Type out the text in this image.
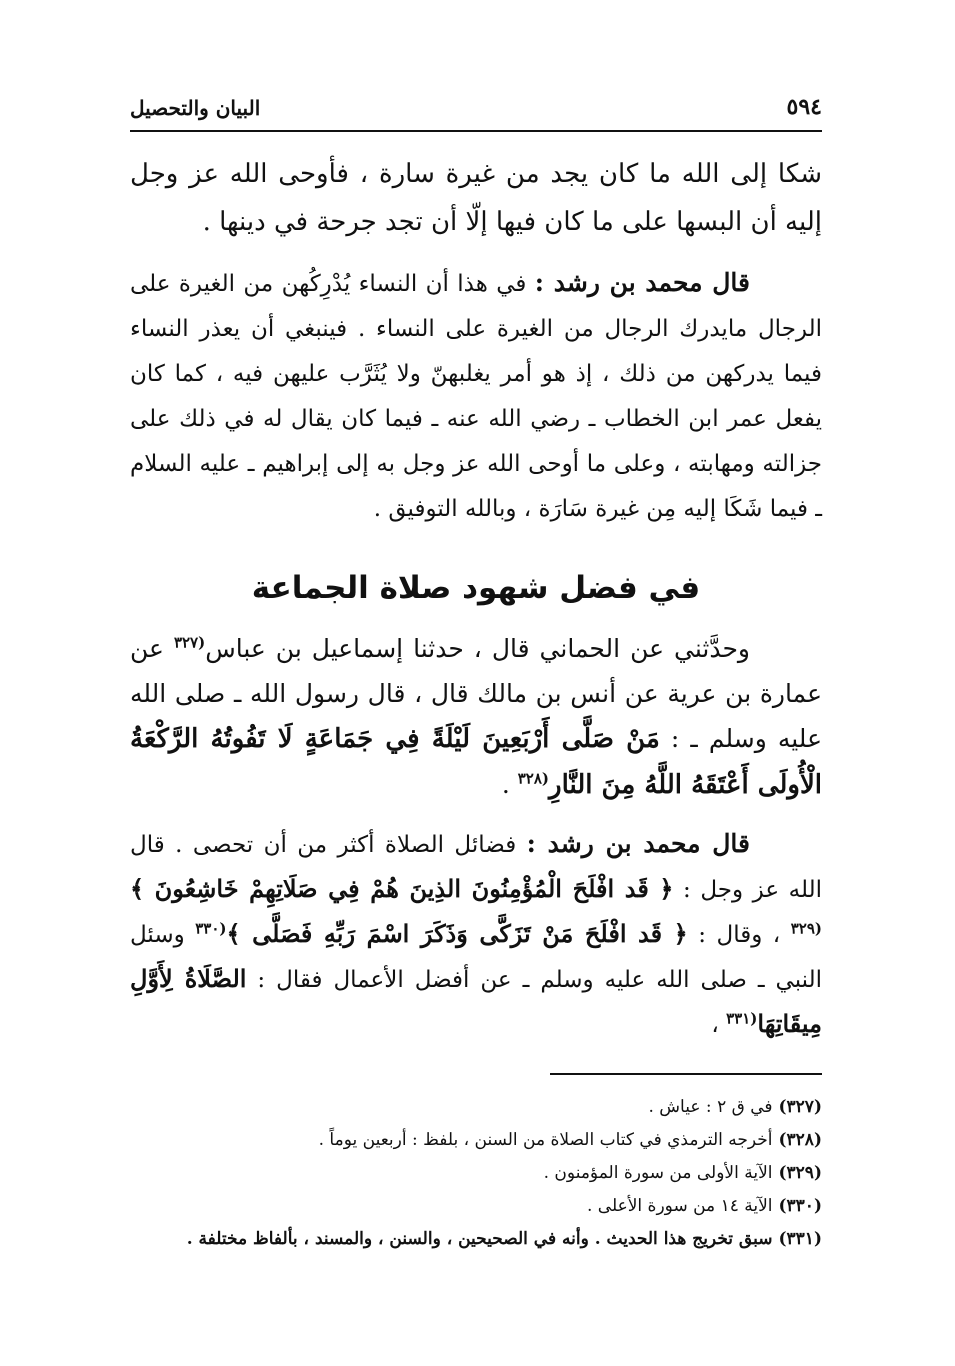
٥٩٤
البيان والتحصيل

شكا إلى الله ما كان يجد من غيرة سارة ، فأوحى الله عز وجل إليه أن البسها على ما كان فيها إلّا أن تجد جرحة في دينها .

قال محمد بن رشد : في هذا أن النساء يُدْرِكُهن من الغيرة على الرجال مايدرك الرجال من الغيرة على النساء . فينبغي أن يعذر النساء فيما يدركهن من ذلك ، إذ هو أمر يغلبهنّ ولا يُثَرَّب عليهن فيه ، كما كان يفعل عمر ابن الخطاب ـ رضي الله عنه ـ فيما كان يقال له في ذلك على جزالته ومهابته ، وعلى ما أوحى الله عز وجل به إلى إبراهيم ـ عليه السلام ـ فيما شَكَا إليه مِن غيرة سَارَة ، وبالله التوفيق .

في فضل شهود صلاة الجماعة

وحدَّثني عن الحماني قال ، حدثنا إسماعيل بن عباس$^{(٣٢٧}$ عن عمارة بن عرية عن أنس بن مالك قال ، قال رسول الله ـ صلى الله عليه وسلم ـ : مَنْ صَلَّى أَرْبَعِينَ لَيْلَةً فِي جَمَاعَةٍ لَا تَفُوتُهُ الرَّكْعَةُ الْأُولَى أَعْتَقَهُ اللَّهُ مِنَ النَّارِ$^{(٣٢٨}$ .

قال محمد بن رشد : فضائل الصلاة أكثر من أن تحصى . قال الله عز وجل : ﴿ قَد افْلَحَ الْمُؤْمِنُونَ الذِينَ هُمْ فِي صَلَاتِهِمْ خَاشِعُونَ ﴾$^{(٣٢٩}$ ، وقال : ﴿ قَد افْلَحَ مَنْ تَزَكَّى وَذَكَرَ اسْمَ رَبِّهِ فَصَلَّى ﴾$^{(٣٣٠}$ وسئل النبي ـ صلى الله عليه وسلم ـ عن أفضل الأعمال فقال : الصَّلَاةُ لِأَوَّلِ مِيقَاتِهَا$^{(٣٣١}$ ،

(٣٢٧)في ق ٢ : عياش .

(٣٢٨)أخرجه الترمذي في كتاب الصلاة من السنن ، بلفظ : أربعين يوماً .

(٣٢٩)الآية الأولى من سورة المؤمنون .

(٣٣٠)الآية ١٤ من سورة الأعلى .

(٣٣١)سبق تخريج هذا الحديث . وأنه في الصحيحين ، والسنن ، والمسند ، بألفاظ مختلفة .
